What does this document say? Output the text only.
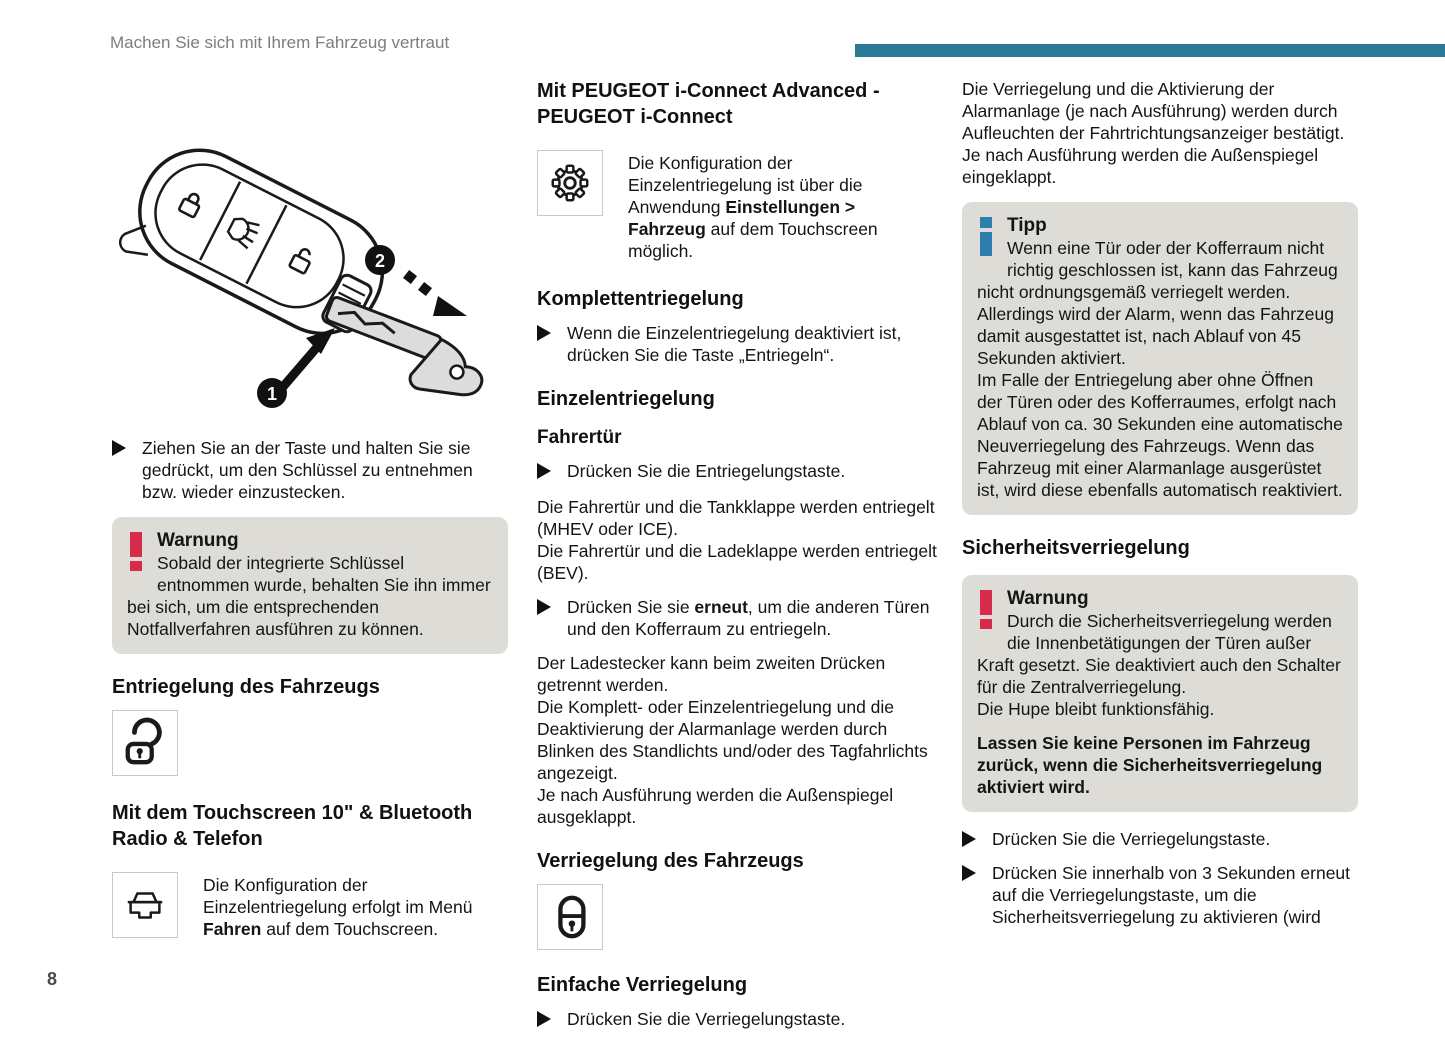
Machen Sie sich mit Ihrem Fahrzeug vertraut
1
2
Ziehen Sie an der Taste und halten Sie sie gedrückt, um den Schlüssel zu entnehmen bzw. wieder einzustecken.
Warnung

Sobald der integrierte Schlüssel entnommen wurde, behalten Sie ihn immer bei sich, um die entsprechenden Notfallverfahren ausführen zu können.

Entriegelung des Fahrzeugs
Mit dem Touchscreen 10" & Bluetooth Radio & Telefon
Die Konfiguration der Einzelentriegelung erfolgt im Menü Fahren auf dem Touchscreen.
Mit PEUGEOT i-Connect Advanced - PEUGEOT i-Connect
Die Konfiguration der Einzelentriegelung ist über die Anwendung Einstellungen > Fahrzeug auf dem Touchscreen möglich.
Komplettentriegelung
Wenn die Einzelentriegelung deaktiviert ist, drücken Sie die Taste „Entriegeln“.
Einzelentriegelung
Fahrertür
Drücken Sie die Entriegelungstaste.

Die Fahrertür und die Tankklappe werden entriegelt (MHEV oder ICE).

Die Fahrertür und die Ladeklappe werden entriegelt (BEV).

Drücken Sie sie erneut, um die anderen Türen und den Kofferraum zu entriegeln.

Der Ladestecker kann beim zweiten Drücken getrennt werden.

Die Komplett- oder Einzelentriegelung und die Deaktivierung der Alarmanlage werden durch Blinken des Standlichts und/oder des Tagfahrlichts angezeigt.

Je nach Ausführung werden die Außenspiegel ausgeklappt.

Verriegelung des Fahrzeugs
Einfache Verriegelung
Drücken Sie die Verriegelungstaste.

Die Verriegelung und die Aktivierung der Alarmanlage (je nach Ausführung) werden durch Aufleuchten der Fahrtrichtungsanzeiger bestätigt.

Je nach Ausführung werden die Außenspiegel eingeklappt.

Tipp

Wenn eine Tür oder der Kofferraum nicht richtig geschlossen ist, kann das Fahrzeug nicht ordnungsgemäß verriegelt werden. Allerdings wird der Alarm, wenn das Fahrzeug damit ausgestattet ist, nach Ablauf von 45 Sekunden aktiviert.

Im Falle der Entriegelung aber ohne Öffnen der Türen oder des Kofferraumes, erfolgt nach Ablauf von ca. 30 Sekunden eine automatische Neuverriegelung des Fahrzeugs. Wenn das Fahrzeug mit einer Alarmanlage ausgerüstet ist, wird diese ebenfalls automatisch reaktiviert.

Sicherheitsverriegelung
Warnung

Durch die Sicherheitsverriegelung werden die Innenbetätigungen der Türen außer Kraft gesetzt. Sie deaktiviert auch den Schalter für die Zentralverriegelung.

Die Hupe bleibt funktionsfähig.

Lassen Sie keine Personen im Fahrzeug zurück, wenn die Sicherheitsverriegelung aktiviert wird.

Drücken Sie die Verriegelungstaste.
Drücken Sie innerhalb von 3 Sekunden erneut auf die Verriegelungstaste, um die Sicherheitsverriegelung zu aktivieren (wird
8
